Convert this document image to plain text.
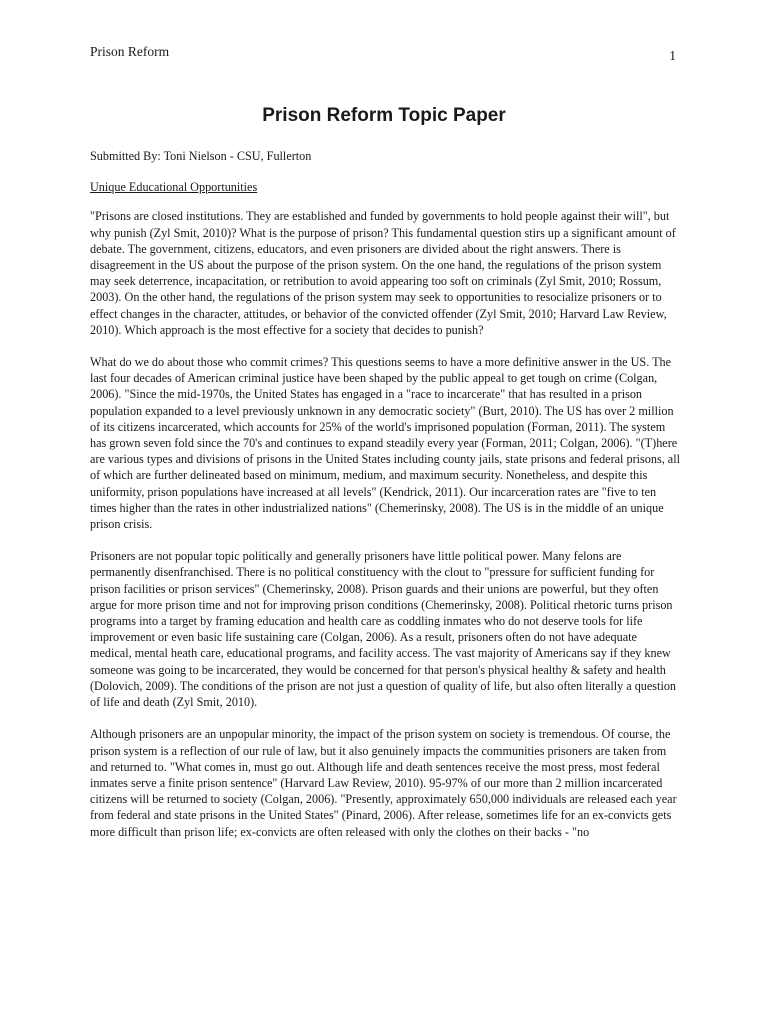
Prison Reform	1
Prison Reform Topic Paper

Submitted By: Toni Nielson - CSU, Fullerton

Unique Educational Opportunities

"Prisons are closed institutions. They are established and funded by governments to hold people against their will", but why punish (Zyl Smit, 2010)? What is the purpose of prison? This fundamental question stirs up a significant amount of debate. The government, citizens, educators, and even prisoners are divided about the right answers. There is disagreement in the US about the purpose of the prison system. On the one hand, the regulations of the prison system may seek deterrence, incapacitation, or retribution to avoid appearing too soft on criminals (Zyl Smit, 2010; Rossum, 2003). On the other hand, the regulations of the prison system may seek to opportunities to resocialize prisoners or to effect changes in the character, attitudes, or behavior of the convicted offender (Zyl Smit, 2010; Harvard Law Review, 2010). Which approach is the most effective for a society that decides to punish?

What do we do about those who commit crimes? This questions seems to have a more definitive answer in the US. The last four decades of American criminal justice have been shaped by the public appeal to get tough on crime (Colgan, 2006). "Since the mid-1970s, the United States has engaged in a "race to incarcerate" that has resulted in a prison population expanded to a level previously unknown in any democratic society" (Burt, 2010). The US has over 2 million of its citizens incarcerated, which accounts for 25% of the world's imprisoned population (Forman, 2011). The system has grown seven fold since the 70's and continues to expand steadily every year (Forman, 2011; Colgan, 2006). "(T)here are various types and divisions of prisons in the United States including county jails, state prisons and federal prisons, all of which are further delineated based on minimum, medium, and maximum security. Nonetheless, and despite this uniformity, prison populations have increased at all levels" (Kendrick, 2011). Our incarceration rates are "five to ten times higher than the rates in other industrialized nations" (Chemerinsky, 2008). The US is in the middle of an unique prison crisis.

Prisoners are not popular topic politically and generally prisoners have little political power. Many felons are permanently disenfranchised. There is no political constituency with the clout to "pressure for sufficient funding for prison facilities or prison services" (Chemerinsky, 2008). Prison guards and their unions are powerful, but they often argue for more prison time and not for improving prison conditions (Chemerinsky, 2008). Political rhetoric turns prison programs into a target by framing education and health care as coddling inmates who do not deserve tools for life improvement or even basic life sustaining care (Colgan, 2006). As a result, prisoners often do not have adequate medical, mental heath care, educational programs, and facility access. The vast majority of Americans say if they knew someone was going to be incarcerated, they would be concerned for that person's physical healthy & safety and health (Dolovich, 2009). The conditions of the prison are not just a question of quality of life, but also often literally a question of life and death (Zyl Smit, 2010).

Although prisoners are an unpopular minority, the impact of the prison system on society is tremendous. Of course, the prison system is a reflection of our rule of law, but it also genuinely impacts the communities prisoners are taken from and returned to. "What comes in, must go out. Although life and death sentences receive the most press, most federal inmates serve a finite prison sentence" (Harvard Law Review, 2010). 95-97% of our more than 2 million incarcerated citizens will be returned to society (Colgan, 2006). "Presently, approximately 650,000 individuals are released each year from federal and state prisons in the United States" (Pinard, 2006). After release, sometimes life for an ex-convicts gets more difficult than prison life; ex-convicts are often released with only the clothes on their backs - "no
